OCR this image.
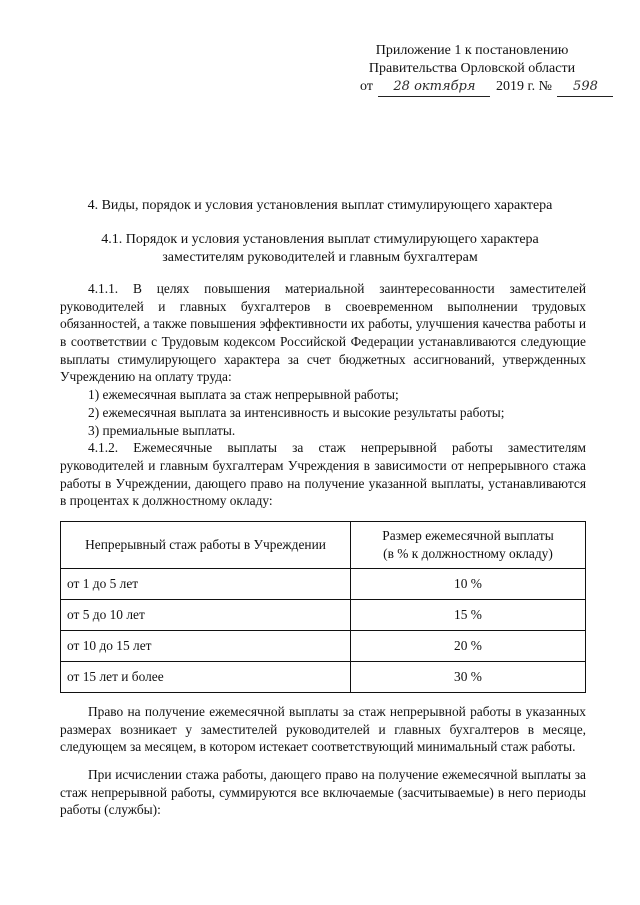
Приложение 1 к постановлению
Правительства Орловской области
от 28 октября 2019 г. № 598
4. Виды, порядок и условия установления выплат стимулирующего характера
4.1. Порядок и условия установления выплат стимулирующего характера
заместителям руководителей и главным бухгалтерам

4.1.1. В целях повышения материальной заинтересованности заместителей руководителей и главных бухгалтеров в своевременном выполнении трудовых обязанностей, а также повышения эффективности их работы, улучшения качества работы и в соответствии с Трудовым кодексом Российской Федерации устанавливаются следующие выплаты стимулирующего характера за счет бюджетных ассигнований, утвержденных Учреждению на оплату труда:

1) ежемесячная выплата за стаж непрерывной работы;

2) ежемесячная выплата за интенсивность и высокие результаты работы;

3) премиальные выплаты.

4.1.2. Ежемесячные выплаты за стаж непрерывной работы заместителям руководителей и главным бухгалтерам Учреждения в зависимости от непрерывного стажа работы в Учреждении, дающего право на получение указанной выплаты, устанавливаются в процентах к должностному окладу:

Непрерывный стаж работы в Учреждении	Размер ежемесячной выплаты
(в % к должностному окладу)

от 1 до 5 лет	10 %
от 5 до 10 лет	15 %
от 10 до 15 лет	20 %
от 15 лет и более	30 %

Право на получение ежемесячной выплаты за стаж непрерывной работы в указанных размерах возникает у заместителей руководителей и главных бухгалтеров в месяце, следующем за месяцем, в котором истекает соответствующий минимальный стаж работы.

При исчислении стажа работы, дающего право на получение ежемесячной выплаты за стаж непрерывной работы, суммируются все включаемые (засчитываемые) в него периоды работы (службы):
